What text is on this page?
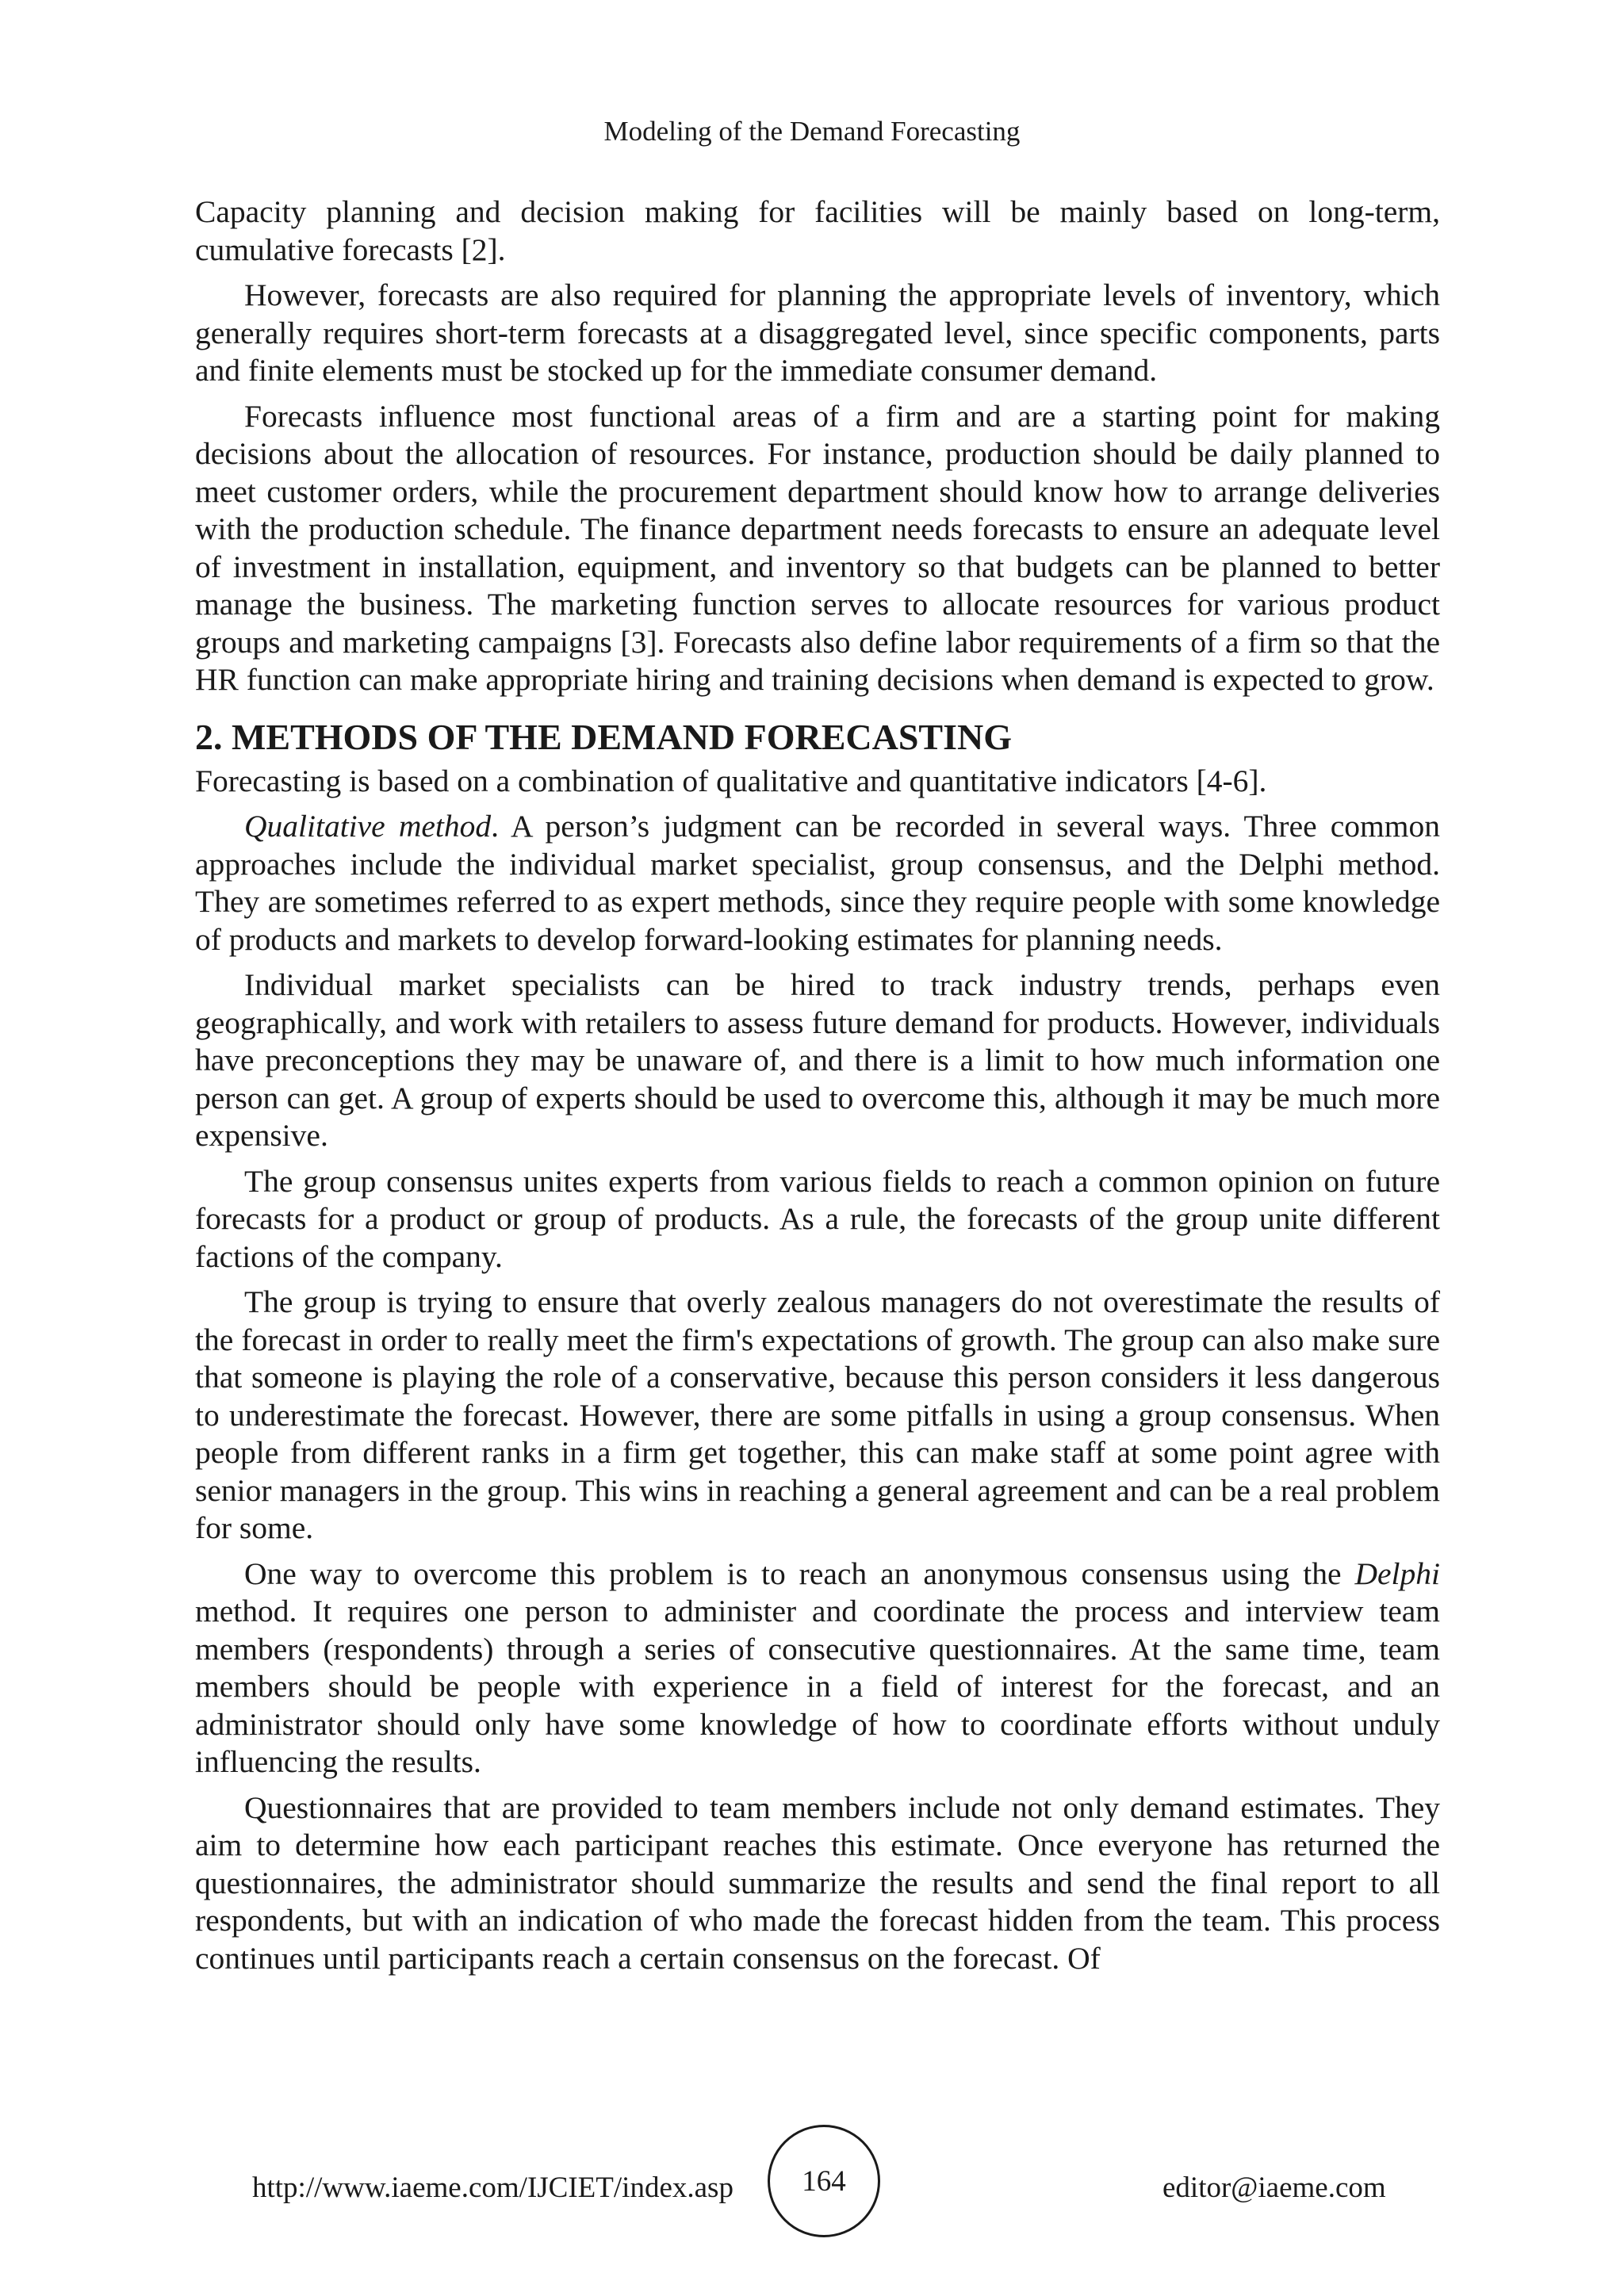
Modeling of the Demand Forecasting

Capacity planning and decision making for facilities will be mainly based on long-term, cumulative forecasts [2].

However, forecasts are also required for planning the appropriate levels of inventory, which generally requires short-term forecasts at a disaggregated level, since specific components, parts and finite elements must be stocked up for the immediate consumer demand.

Forecasts influence most functional areas of a firm and are a starting point for making decisions about the allocation of resources. For instance, production should be daily planned to meet customer orders, while the procurement department should know how to arrange deliveries with the production schedule. The finance department needs forecasts to ensure an adequate level of investment in installation, equipment, and inventory so that budgets can be planned to better manage the business. The marketing function serves to allocate resources for various product groups and marketing campaigns [3]. Forecasts also define labor requirements of a firm so that the HR function can make appropriate hiring and training decisions when demand is expected to grow.

2. METHODS OF THE DEMAND FORECASTING

Forecasting is based on a combination of qualitative and quantitative indicators [4-6].

Qualitative method. A person’s judgment can be recorded in several ways. Three common approaches include the individual market specialist, group consensus, and the Delphi method. They are sometimes referred to as expert methods, since they require people with some knowledge of products and markets to develop forward-looking estimates for planning needs.

Individual market specialists can be hired to track industry trends, perhaps even geographically, and work with retailers to assess future demand for products. However, individuals have preconceptions they may be unaware of, and there is a limit to how much information one person can get. A group of experts should be used to overcome this, although it may be much more expensive.

The group consensus unites experts from various fields to reach a common opinion on future forecasts for a product or group of products. As a rule, the forecasts of the group unite different factions of the company.

The group is trying to ensure that overly zealous managers do not overestimate the results of the forecast in order to really meet the firm's expectations of growth. The group can also make sure that someone is playing the role of a conservative, because this person considers it less dangerous to underestimate the forecast. However, there are some pitfalls in using a group consensus. When people from different ranks in a firm get together, this can make staff at some point agree with senior managers in the group. This wins in reaching a general agreement and can be a real problem for some.

One way to overcome this problem is to reach an anonymous consensus using the Delphi method. It requires one person to administer and coordinate the process and interview team members (respondents) through a series of consecutive questionnaires. At the same time, team members should be people with experience in a field of interest for the forecast, and an administrator should only have some knowledge of how to coordinate efforts without unduly influencing the results.

Questionnaires that are provided to team members include not only demand estimates. They aim to determine how each participant reaches this estimate. Once everyone has returned the questionnaires, the administrator should summarize the results and send the final report to all respondents, but with an indication of who made the forecast hidden from the team. This process continues until participants reach a certain consensus on the forecast. Of

http://www.iaeme.com/IJCIET/index.asp	164	editor@iaeme.com
